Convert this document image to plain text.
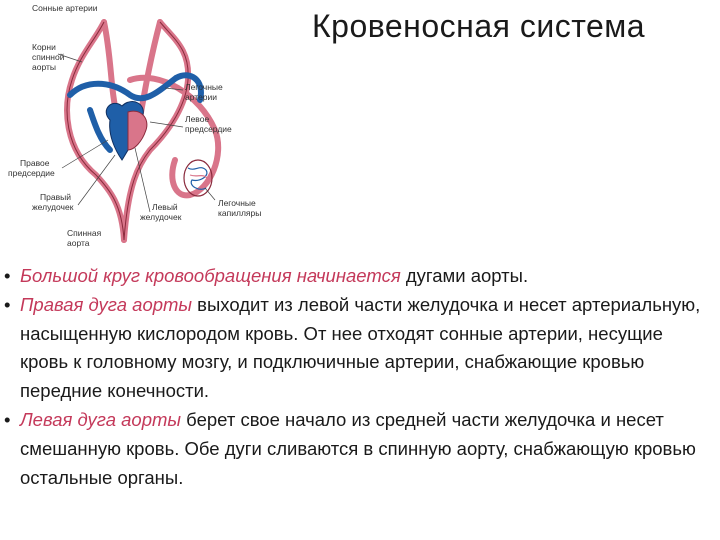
Кровеносная система
Сонные артерии
Корни
спинной
аорты
Легочные
артерии
Левое
предсердие
Правое
предсердие
Правый
желудочек	Левый
желудочек
Легочные
капилляры
Спинная
аорта

• Большой круг кровообращения начинается дугами аорты.

• Правая дуга аорты выходит из левой части желудочка и несет артериальную, насыщенную кислородом кровь. От нее отходят сонные артерии, несущие кровь к головному мозгу, и подключичные артерии, снабжающие кровью передние конечности.

• Левая дуга аорты берет свое начало из средней части желудочка и несет смешанную кровь. Обе дуги сливаются в спинную аорту, снабжающую кровью остальные органы.
